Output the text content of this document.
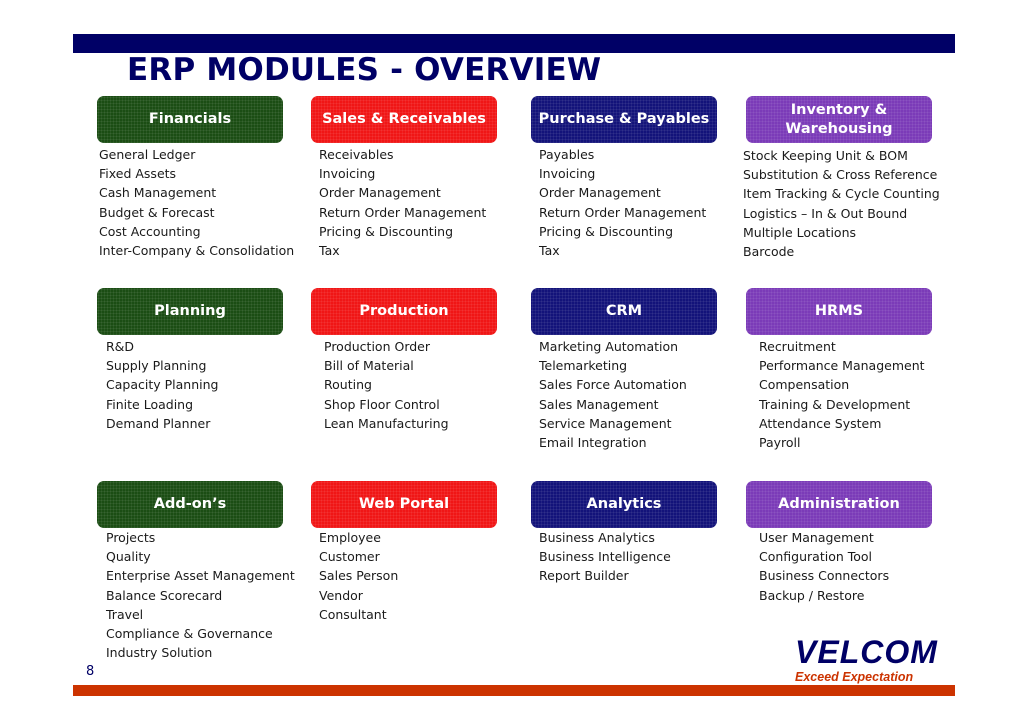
ERP MODULES - OVERVIEW
Financials
General Ledger
Fixed Assets
Cash Management
Budget & Forecast
Cost Accounting
Inter-Company & Consolidation
Sales & Receivables
Receivables
Invoicing
Order Management
Return Order Management
Pricing & Discounting
Tax
Purchase & Payables
Payables
Invoicing
Order Management
Return Order Management
Pricing & Discounting
Tax
Inventory & Warehousing
Stock Keeping Unit & BOM
Substitution & Cross Reference
Item Tracking & Cycle Counting
Logistics – In & Out Bound
Multiple Locations
Barcode
Planning
R&D
Supply Planning
Capacity Planning
Finite Loading
Demand Planner
Production
Production Order
Bill of Material
Routing
Shop Floor Control
Lean Manufacturing
CRM
Marketing Automation
Telemarketing
Sales Force Automation
Sales Management
Service Management
Email Integration
HRMS
Recruitment
Performance Management
Compensation
Training & Development
Attendance System
Payroll
Add-on’s
Projects
Quality
Enterprise Asset Management
Balance Scorecard
Travel
Compliance & Governance
Industry Solution
Web Portal
Employee
Customer
Sales Person
Vendor
Consultant
Analytics
Business Analytics
Business Intelligence
Report Builder
Administration
User Management
Configuration Tool
Business Connectors
Backup / Restore
8
VELCOM
Exceed Expectation
